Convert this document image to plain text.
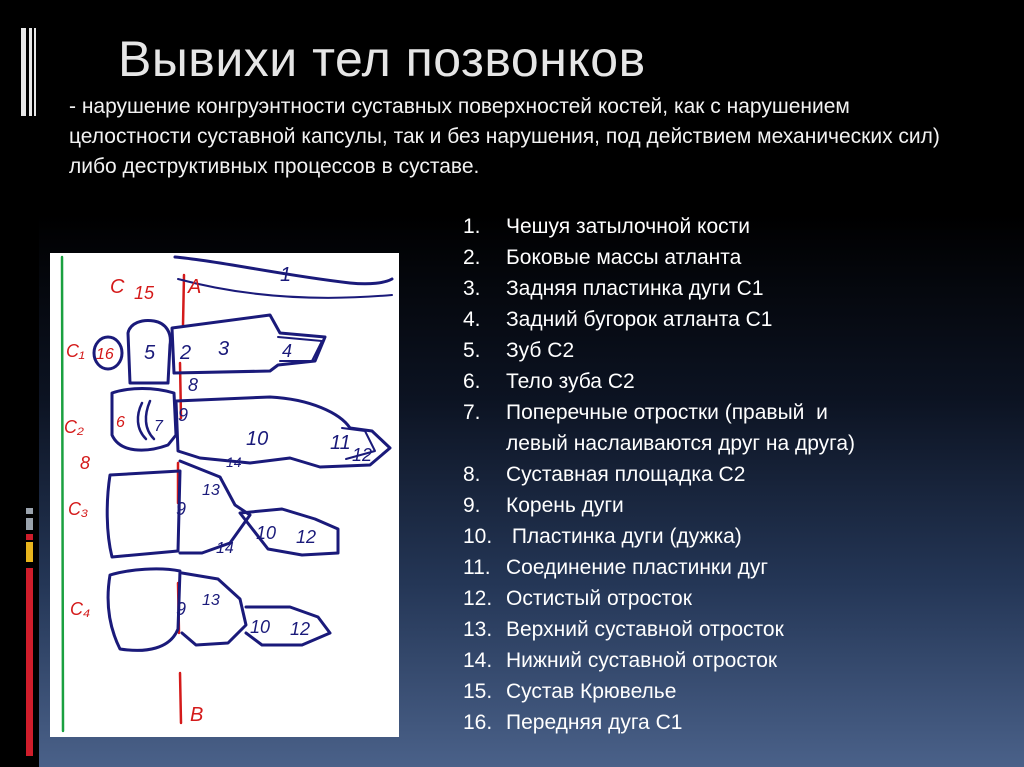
Вывихи тел позвонков
- нарушение конгруэнтности суставных поверхностей костей, как с нарушением целостности суставной капсулы, так и без нарушения, под действием механических сил) либо деструктивных процессов в суставе.
1.	Чешуя затылочной кости
2.	Боковые массы атланта
3.	Задняя пластинка дуги С1
4.	Задний бугорок атланта С1
5.	Зуб С2
6.	Тело зуба С2
7.	Поперечные отростки (правый  и
левый наслаиваются друг на друга)
8.	Суставная площадка С2
9.	Корень дуги
10. Пластинка дуги (дужка)
11. Соединение пластинки дуг
12. Остистый отросток
13. Верхний суставной отросток
14. Нижний суставной отросток
15. Сустав Крювелье
16. Передняя дуга С1
C	A
B
C₁
C₂
C₃
C₄
8
15
16
6
1
2 3	4
5
7
8
9
9
9
10
10
10
11
12
12
12
13
13
14
14
